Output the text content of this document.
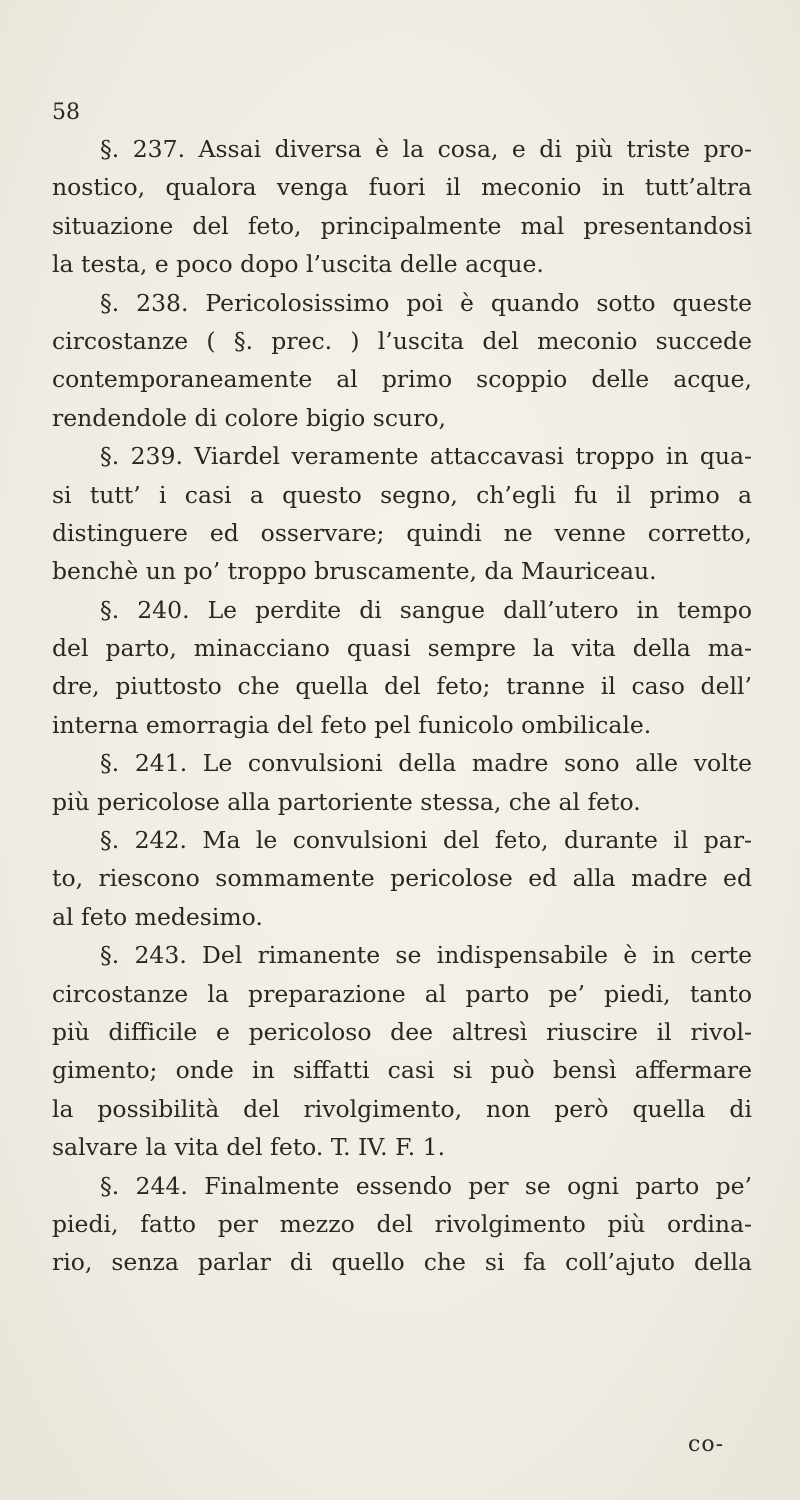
58
§. 237. Assai diversa è la cosa, e di più triste pro-
nostico, qualora venga fuori il meconio in tutt’altra
situazione del feto, principalmente mal presentandosi
la testa, e poco dopo l’uscita delle acque.
§. 238. Pericolosissimo poi è quando sotto queste
circostanze ( §. prec. ) l’uscita del meconio succede
contemporaneamente al primo scoppio delle acque,
rendendole di colore bigio scuro,
§. 239. Viardel veramente attaccavasi troppo in qua-
si tutt’ i casi a questo segno, ch’egli fu il primo a
distinguere ed osservare; quindi ne venne corretto,
benchè un po’ troppo bruscamente, da Mauriceau.
§. 240. Le perdite di sangue dall’utero in tempo
del parto, minacciano quasi sempre la vita della ma-
dre, piuttosto che quella del feto; tranne il caso dell’
interna emorragia del feto pel funicolo ombilicale.
§. 241. Le convulsioni della madre sono alle volte
più pericolose alla partoriente stessa, che al feto.
§. 242. Ma le convulsioni del feto, durante il par-
to, riescono sommamente pericolose ed alla madre ed
al feto medesimo.
§. 243. Del rimanente se indispensabile è in certe
circostanze la preparazione al parto pe’ piedi, tanto
più difficile e pericoloso dee altresì riuscire il rivol-
gimento; onde in siffatti casi si può bensì affermare
la possibilità del rivolgimento, non però quella di
salvare la vita del feto. T. IV. F. 1.
§. 244. Finalmente essendo per se ogni parto pe’
piedi, fatto per mezzo del rivolgimento più ordina-
rio, senza parlar di quello che si fa coll’ajuto della
co-
